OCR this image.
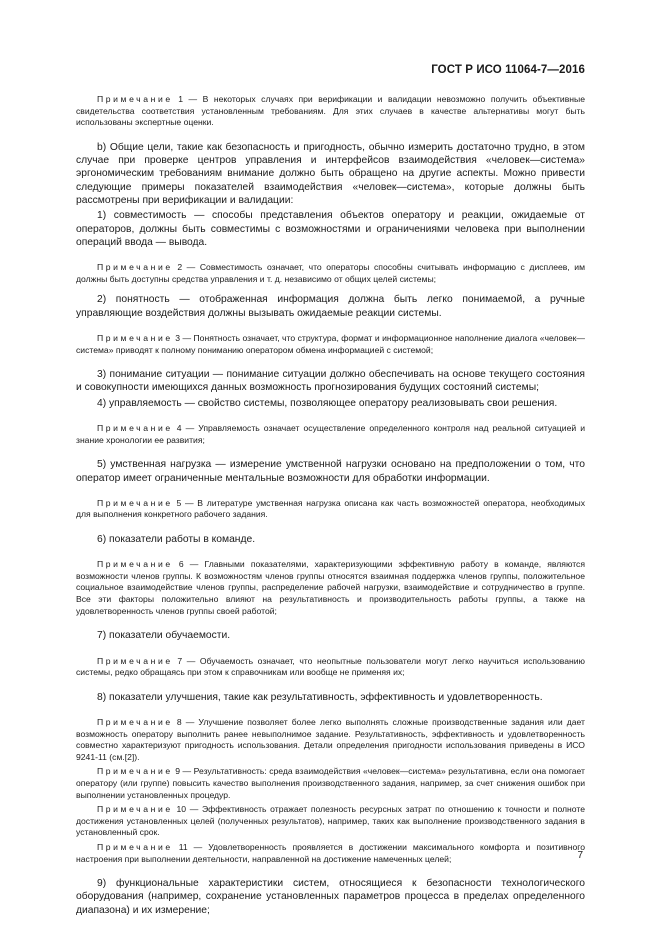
ГОСТ Р ИСО 11064-7—2016

Примечание 1 — В некоторых случаях при верификации и валидации невозможно получить объективные свидетельства соответствия установленным требованиям. Для этих случаев в качестве альтернативы могут быть использованы экспертные оценки.

b) Общие цели, такие как безопасность и пригодность, обычно измерить достаточно трудно, в этом случае при проверке центров управления и интерфейсов взаимодействия «человек—система» эргономическим требованиям внимание должно быть обращено на другие аспекты. Можно привести следующие примеры показателей взаимодействия «человек—система», которые должны быть рассмотрены при верификации и валидации:

1) совместимость — способы представления объектов оператору и реакции, ожидаемые от операторов, должны быть совместимы с возможностями и ограничениями человека при выполнении операций ввода — вывода.

Примечание 2 — Совместимость означает, что операторы способны считывать информацию с дисплеев, им должны быть доступны средства управления и т. д. независимо от общих целей системы;

2) понятность — отображенная информация должна быть легко понимаемой, а ручные управляющие воздействия должны вызывать ожидаемые реакции системы.

Примечание 3 — Понятность означает, что структура, формат и информационное наполнение диалога «человек—система» приводят к полному пониманию оператором обмена информацией с системой;

3) понимание ситуации — понимание ситуации должно обеспечивать на основе текущего состояния и совокупности имеющихся данных возможность прогнозирования будущих состояний системы;

4) управляемость — свойство системы, позволяющее оператору реализовывать свои решения.

Примечание 4 — Управляемость означает осуществление определенного контроля над реальной ситуацией и знание хронологии ее развития;

5) умственная нагрузка — измерение умственной нагрузки основано на предположении о том, что оператор имеет ограниченные ментальные возможности для обработки информации.

Примечание 5 — В литературе умственная нагрузка описана как часть возможностей оператора, необходимых для выполнения конкретного рабочего задания.

6) показатели работы в команде.

Примечание 6 — Главными показателями, характеризующими эффективную работу в команде, являются возможности членов группы. К возможностям членов группы относятся взаимная поддержка членов группы, положительное социальное взаимодействие членов группы, распределение рабочей нагрузки, взаимодействие и сотрудничество в группе. Все эти факторы положительно влияют на результативность и производительность работы группы, а также на удовлетворенность членов группы своей работой;

7) показатели обучаемости.

Примечание 7 — Обучаемость означает, что неопытные пользователи могут легко научиться использованию системы, редко обращаясь при этом к справочникам или вообще не применяя их;

8) показатели улучшения, такие как результативность, эффективность и удовлетворенность.

Примечание 8 — Улучшение позволяет более легко выполнять сложные производственные задания или дает возможность оператору выполнить ранее невыполнимое задание. Результативность, эффективность и удовлетворенность совместно характеризуют пригодность использования. Детали определения пригодности использования приведены в ИСО 9241-11 (см.[2]).

Примечание 9 — Результативность: среда взаимодействия «человек—система» результативна, если она помогает оператору (или группе) повысить качество выполнения производственного задания, например, за счет снижения ошибок при выполнении установленных процедур.

Примечание 10 — Эффективность отражает полезность ресурсных затрат по отношению к точности и полноте достижения установленных целей (полученных результатов), например, таких как выполнение производственного задания в установленный срок.

Примечание 11 — Удовлетворенность проявляется в достижении максимального комфорта и позитивного настроения при выполнении деятельности, направленной на достижение намеченных целей;

9) функциональные характеристики систем, относящиеся к безопасности технологического оборудования (например, сохранение установленных параметров процесса в пределах определенного диапазона) и их измерение;

7
